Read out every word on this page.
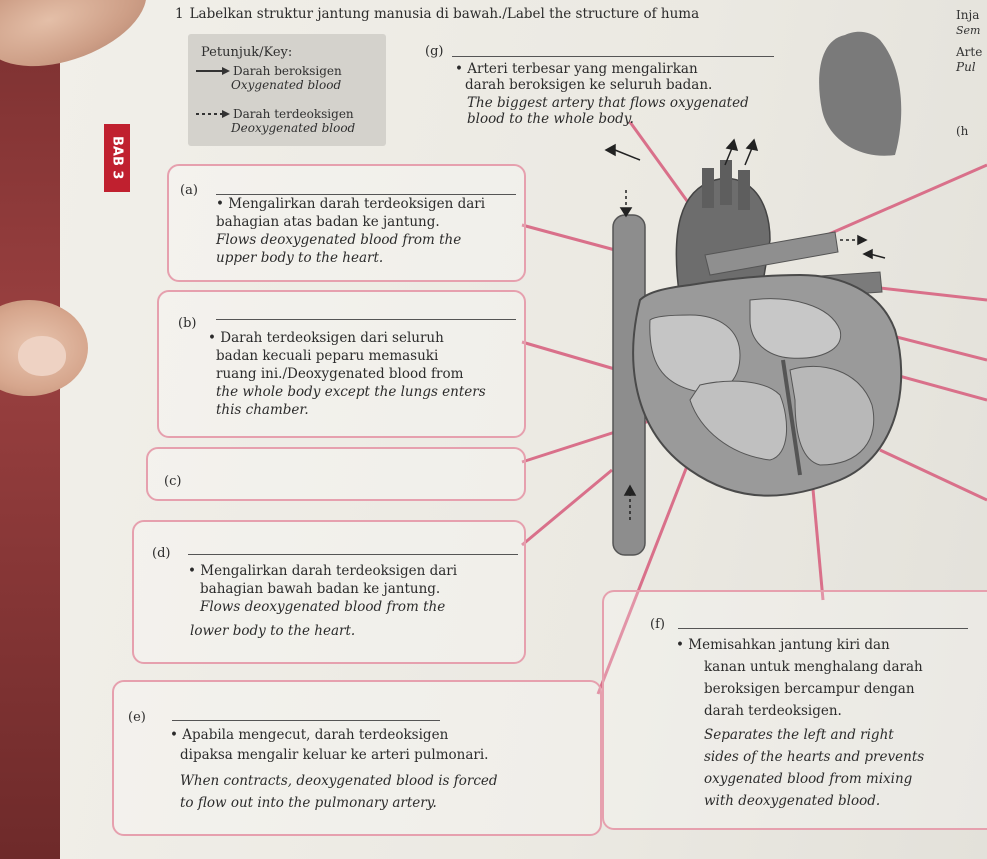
BAB 3
1 Labelkan struktur jantung manusia di bawah./Label the structure of huma	Inja
Sem
Arte
Pul
(h
Petunjuk/Key:
Darah beroksigen
Oxygenated blood
Darah terdeoksigen
Deoxygenated blood
(g)
• Arteri terbesar yang mengalirkan
darah beroksigen ke seluruh badan.
The biggest artery that flows oxygenated
blood to the whole body.
(a)
• Mengalirkan darah terdeoksigen dari
bahagian atas badan ke jantung.
Flows deoxygenated blood from the
upper body to the heart.
(b)
• Darah terdeoksigen dari seluruh
badan kecuali peparu memasuki
ruang ini./Deoxygenated blood from
the whole body except the lungs enters
this chamber.
(c)
(d)
• Mengalirkan darah terdeoksigen dari
bahagian bawah badan ke jantung.
Flows deoxygenated blood from the
lower body to the heart.
(e)
• Apabila mengecut, darah terdeoksigen
dipaksa mengalir keluar ke arteri pulmonari.
When contracts, deoxygenated blood is forced
to flow out into the pulmonary artery.
(f)
• Memisahkan jantung kiri dan
kanan untuk menghalang darah
beroksigen bercampur dengan
darah terdeoksigen.
Separates the left and right
sides of the hearts and prevents
oxygenated blood from mixing
with deoxygenated blood.
